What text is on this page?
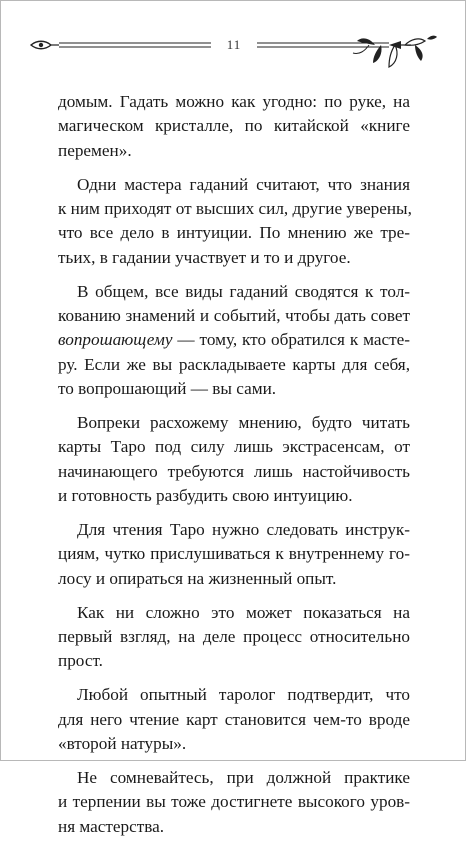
11

домым. Гадать можно как угодно: по руке, на
магическом кристалле, по китайской «книге
перемен».

Одни мастера гаданий считают, что знания
к ним приходят от высших сил, другие уверены,
что все дело в интуиции. По мнению же тре-
тьих, в гадании участвует и то и другое.

В общем, все виды гаданий сводятся к тол-
кованию знамений и событий, чтобы дать совет
вопрошающему — тому, кто обратился к масте-
ру. Если же вы раскладываете карты для себя,
то вопрошающий — вы сами.

Вопреки расхожему мнению, будто читать
карты Таро под силу лишь экстрасенсам, от
начинающего требуются лишь настойчивость
и готовность разбудить свою интуицию.

Для чтения Таро нужно следовать инструк-
циям, чутко прислушиваться к внутреннему го-
лосу и опираться на жизненный опыт.

Как ни сложно это может показаться на
первый взгляд, на деле процесс относительно
прост.

Любой опытный таролог подтвердит, что
для него чтение карт становится чем-то вроде
«второй натуры».

Не сомневайтесь, при должной практике
и терпении вы тоже достигнете высокого уров-
ня мастерства.
